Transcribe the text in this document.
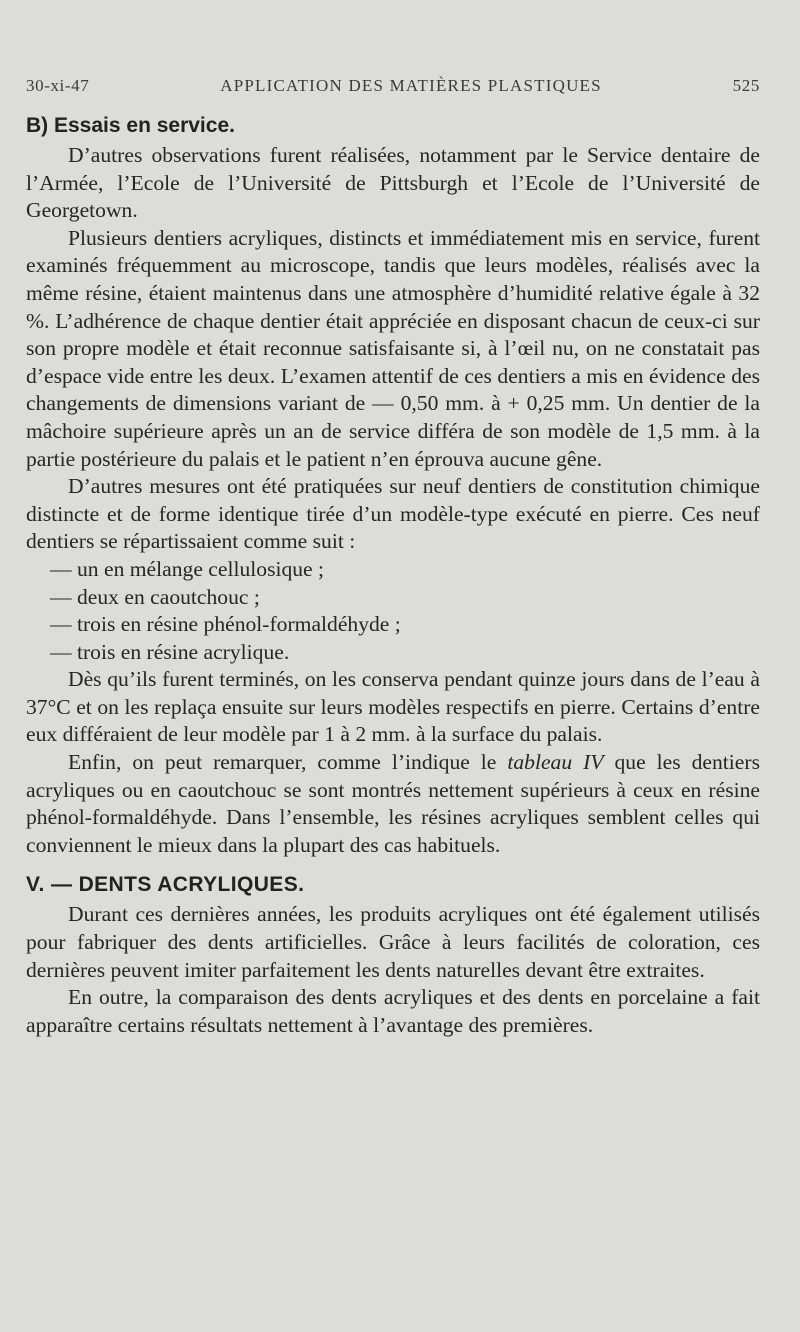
30-xi-47	APPLICATION DES MATIÈRES PLASTIQUES	525
B) Essais en service.

D’autres observations furent réalisées, notamment par le Service dentaire de l’Armée, l’Ecole de l’Université de Pittsburgh et l’Ecole de l’Université de Georgetown.

Plusieurs dentiers acryliques, distincts et immédiatement mis en service, furent examinés fréquemment au microscope, tandis que leurs modèles, réalisés avec la même résine, étaient maintenus dans une atmosphère d’humidité relative égale à 32 %. L’adhérence de chaque dentier était appréciée en disposant chacun de ceux-ci sur son propre modèle et était reconnue satisfaisante si, à l’œil nu, on ne constatait pas d’espace vide entre les deux. L’examen attentif de ces dentiers a mis en évidence des changements de dimensions variant de — 0,50 mm. à + 0,25 mm. Un dentier de la mâchoire supérieure après un an de service différa de son modèle de 1,5 mm. à la partie postérieure du palais et le patient n’en éprouva aucune gêne.

D’autres mesures ont été pratiquées sur neuf dentiers de constitution chimique distincte et de forme identique tirée d’un modèle-type exécuté en pierre. Ces neuf dentiers se répartissaient comme suit :

— un en mélange cellulosique ;

— deux en caoutchouc ;

— trois en résine phénol-formaldéhyde ;

— trois en résine acrylique.

Dès qu’ils furent terminés, on les conserva pendant quinze jours dans de l’eau à 37°C et on les replaça ensuite sur leurs modèles respectifs en pierre. Certains d’entre eux différaient de leur modèle par 1 à 2 mm. à la surface du palais.

Enfin, on peut remarquer, comme l’indique le tableau IV que les dentiers acryliques ou en caoutchouc se sont montrés nettement supérieurs à ceux en résine phénol-formaldéhyde. Dans l’ensemble, les résines acryliques semblent celles qui conviennent le mieux dans la plupart des cas habituels.

V. — DENTS ACRYLIQUES.

Durant ces dernières années, les produits acryliques ont été également utilisés pour fabriquer des dents artificielles. Grâce à leurs facilités de coloration, ces dernières peuvent imiter parfaitement les dents naturelles devant être extraites.

En outre, la comparaison des dents acryliques et des dents en porcelaine a fait apparaître certains résultats nettement à l’avantage des premières.
